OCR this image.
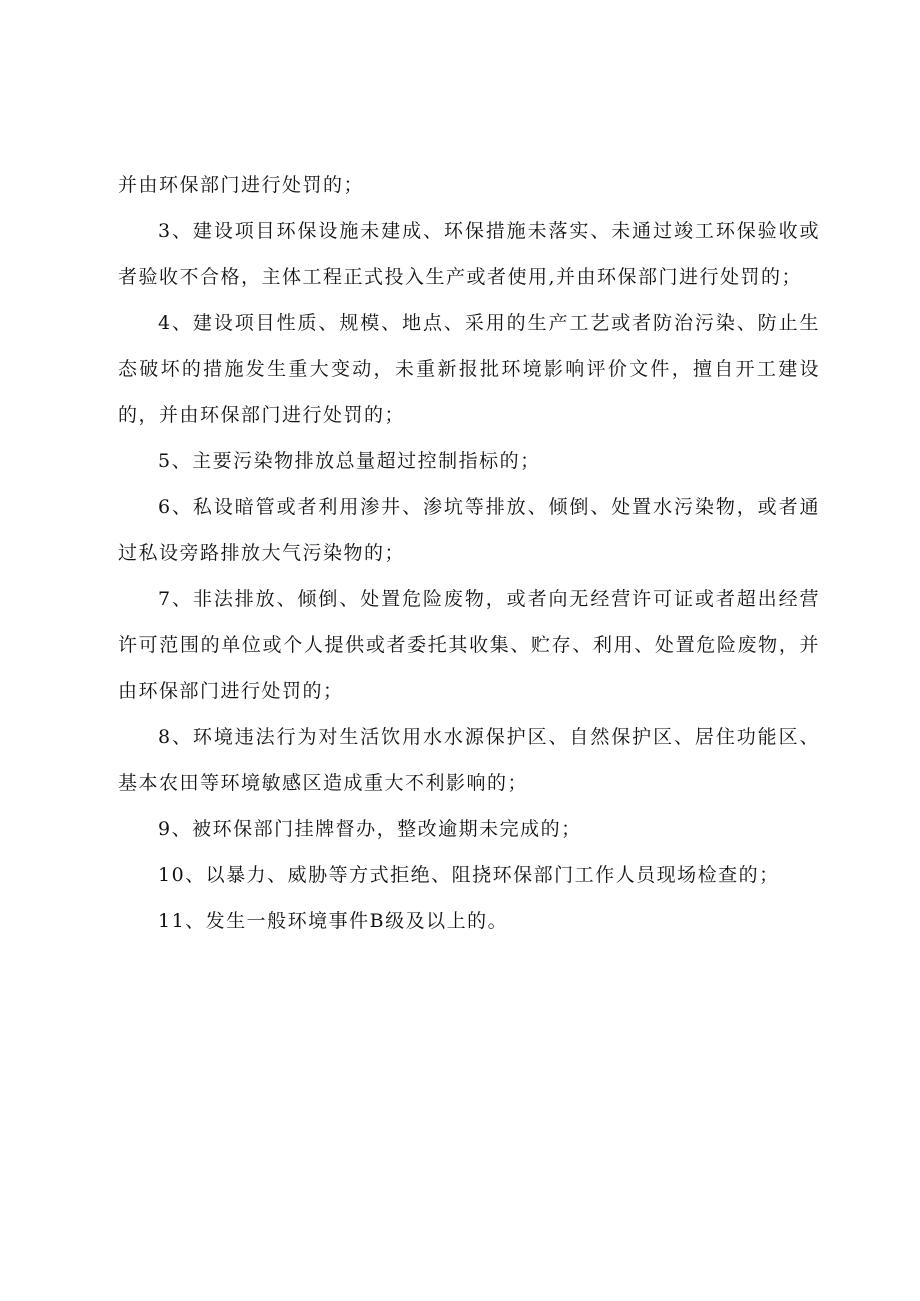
并由环保部门进行处罚的；

3、建设项目环保设施未建成、环保措施未落实、未通过竣工环保验收或者验收不合格，主体工程正式投入生产或者使用,并由环保部门进行处罚的；

4、建设项目性质、规模、地点、采用的生产工艺或者防治污染、防止生态破坏的措施发生重大变动，未重新报批环境影响评价文件，擅自开工建设的，并由环保部门进行处罚的；

5、主要污染物排放总量超过控制指标的；

6、私设暗管或者利用渗井、渗坑等排放、倾倒、处置水污染物，或者通过私设旁路排放大气污染物的；

7、非法排放、倾倒、处置危险废物，或者向无经营许可证或者超出经营许可范围的单位或个人提供或者委托其收集、贮存、利用、处置危险废物，并由环保部门进行处罚的；

8、环境违法行为对生活饮用水水源保护区、自然保护区、居住功能区、基本农田等环境敏感区造成重大不利影响的；

9、被环保部门挂牌督办，整改逾期未完成的；

10、以暴力、威胁等方式拒绝、阻挠环保部门工作人员现场检查的；

11、发生一般环境事件B级及以上的。
